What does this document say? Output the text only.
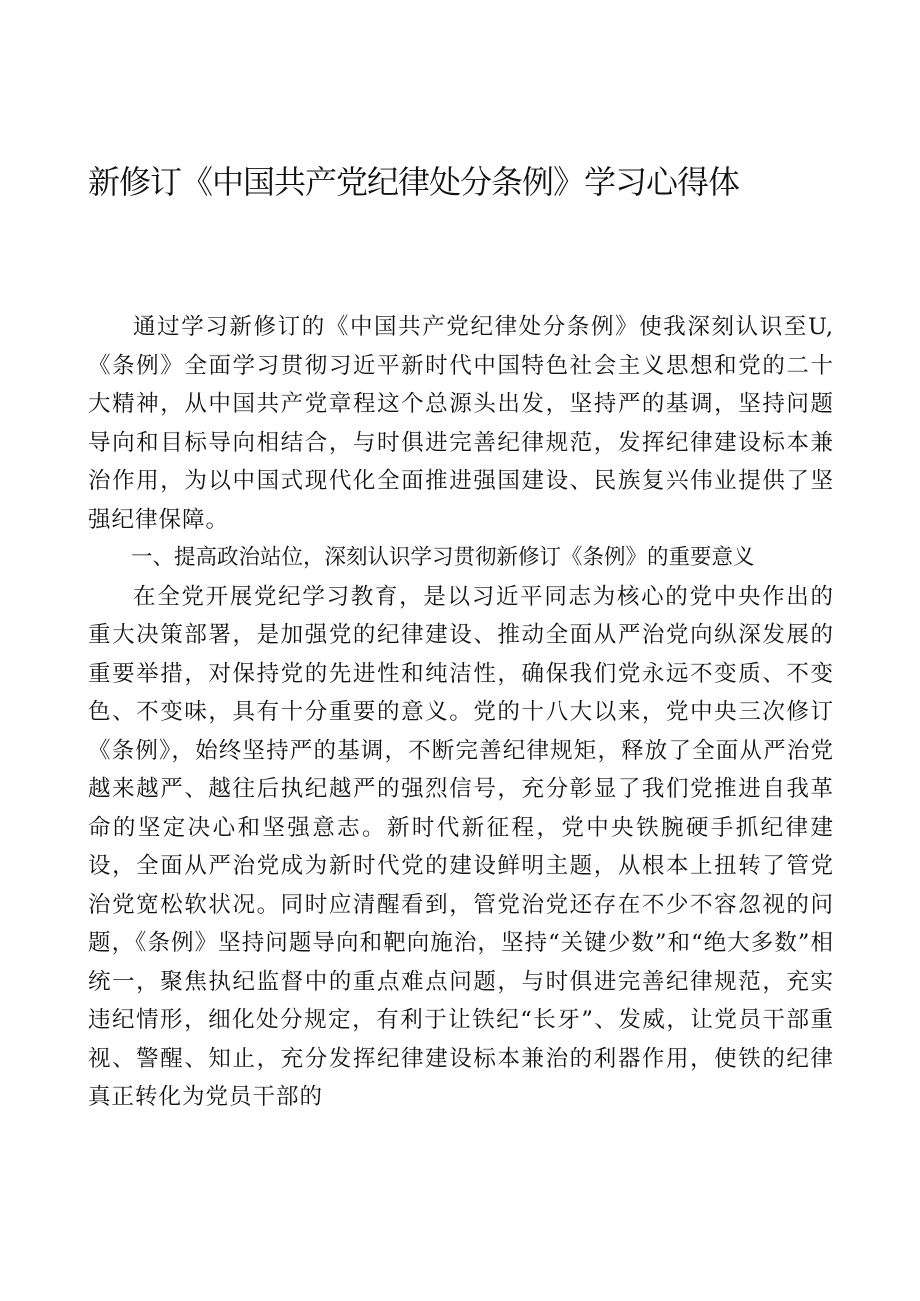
新修订《中国共产党纪律处分条例》学习心得体

通过学习新修订的《中国共产党纪律处分条例》使我深刻认识至U,《条例》全面学习贯彻习近平新时代中国特色社会主义思想和党的二十大精神，从中国共产党章程这个总源头出发，坚持严的基调，坚持问题导向和目标导向相结合，与时俱进完善纪律规范，发挥纪律建设标本兼治作用，为以中国式现代化全面推进强国建设、民族复兴伟业提供了坚强纪律保障。

一、提高政治站位，深刻认识学习贯彻新修订《条例》的重要意义

在全党开展党纪学习教育，是以习近平同志为核心的党中央作出的重大决策部署，是加强党的纪律建设、推动全面从严治党向纵深发展的重要举措，对保持党的先进性和纯洁性，确保我们党永远不变质、不变色、不变味，具有十分重要的意义。党的十八大以来，党中央三次修订《条例》，始终坚持严的基调，不断完善纪律规矩，释放了全面从严治党越来越严、越往后执纪越严的强烈信号，充分彰显了我们党推进自我革命的坚定决心和坚强意志。新时代新征程，党中央铁腕硬手抓纪律建设，全面从严治党成为新时代党的建设鲜明主题，从根本上扭转了管党治党宽松软状况。同时应清醒看到，管党治党还存在不少不容忽视的问题，《条例》坚持问题导向和靶向施治，坚持“关键少数”和“绝大多数”相统一，聚焦执纪监督中的重点难点问题，与时俱进完善纪律规范，充实违纪情形，细化处分规定，有利于让铁纪“长牙”、发威，让党员干部重视、警醒、知止，充分发挥纪律建设标本兼治的利器作用，使铁的纪律真正转化为党员干部的
